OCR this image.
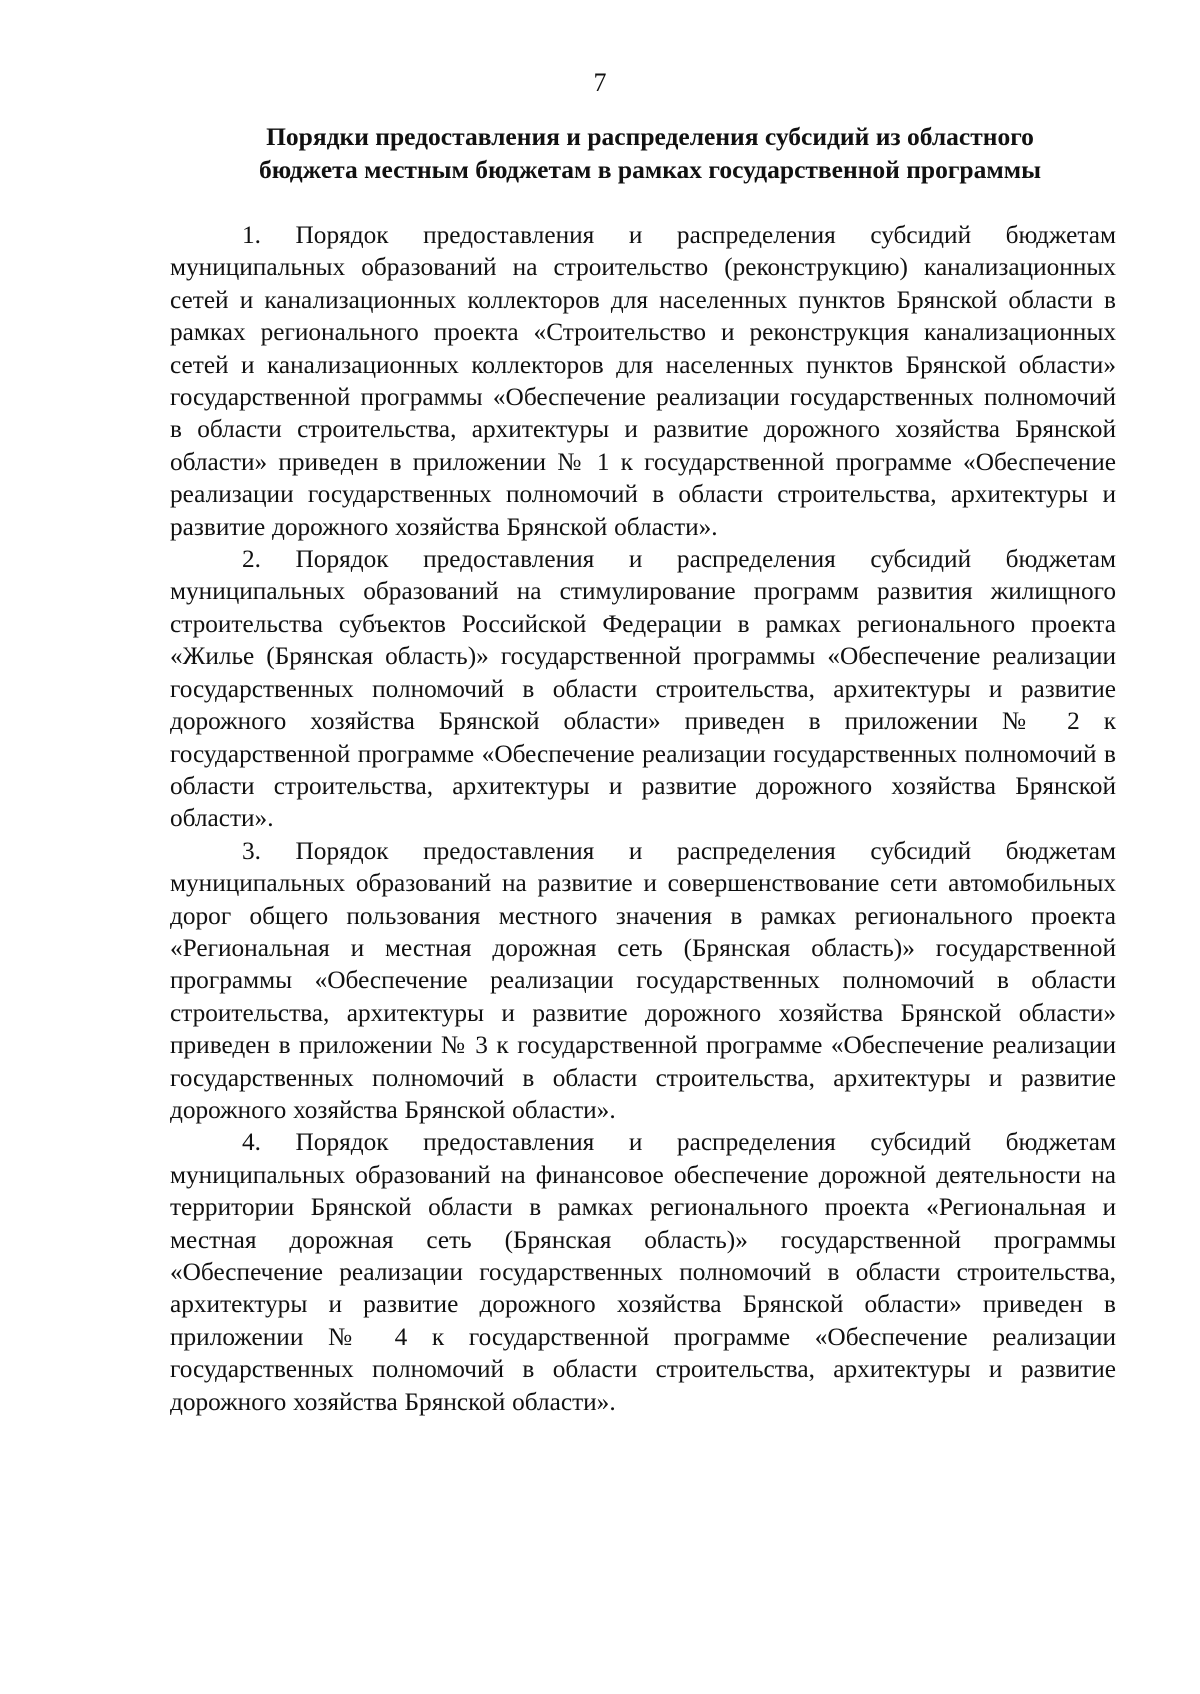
7
Порядки предоставления и распределения субсидий из областного
бюджета местным бюджетам в рамках государственной программы

1. Порядок предоставления и распределения субсидий бюджетам муниципальных образований на строительство (реконструкцию) канализационных сетей и канализационных коллекторов для населенных пунктов Брянской области в рамках регионального проекта «Строительство и реконструкция канализационных сетей и канализационных коллекторов для населенных пунктов Брянской области» государственной программы «Обеспечение реализации государственных полномочий в области строительства, архитектуры и развитие дорожного хозяйства Брянской области» приведен в приложении № 1 к государственной программе «Обеспечение реализации государственных полномочий в области строительства, архитектуры и развитие дорожного хозяйства Брянской области».

2. Порядок предоставления и распределения субсидий бюджетам муниципальных образований на стимулирование программ развития жилищного строительства субъектов Российской Федерации в рамках регионального проекта «Жилье (Брянская область)» государственной программы «Обеспечение реализации государственных полномочий в области строительства, архитектуры и развитие дорожного хозяйства Брянской области» приведен в приложении № 2 к государственной программе «Обеспечение реализации государственных полномочий в области строительства, архитектуры и развитие дорожного хозяйства Брянской области».

3. Порядок предоставления и распределения субсидий бюджетам муниципальных образований на развитие и совершенствование сети автомобильных дорог общего пользования местного значения в рамках регионального проекта «Региональная и местная дорожная сеть (Брянская область)» государственной программы «Обеспечение реализации государственных полномочий в области строительства, архитектуры и развитие дорожного хозяйства Брянской области» приведен в приложении № 3 к государственной программе «Обеспечение реализации государственных полномочий в области строительства, архитектуры и развитие дорожного хозяйства Брянской области».

4. Порядок предоставления и распределения субсидий бюджетам муниципальных образований на финансовое обеспечение дорожной деятельности на территории Брянской области в рамках регионального проекта «Региональная и местная дорожная сеть (Брянская область)» государственной программы «Обеспечение реализации государственных полномочий в области строительства, архитектуры и развитие дорожного хозяйства Брянской области» приведен в приложении № 4 к государственной программе «Обеспечение реализации государственных полномочий в области строительства, архитектуры и развитие дорожного хозяйства Брянской области».
